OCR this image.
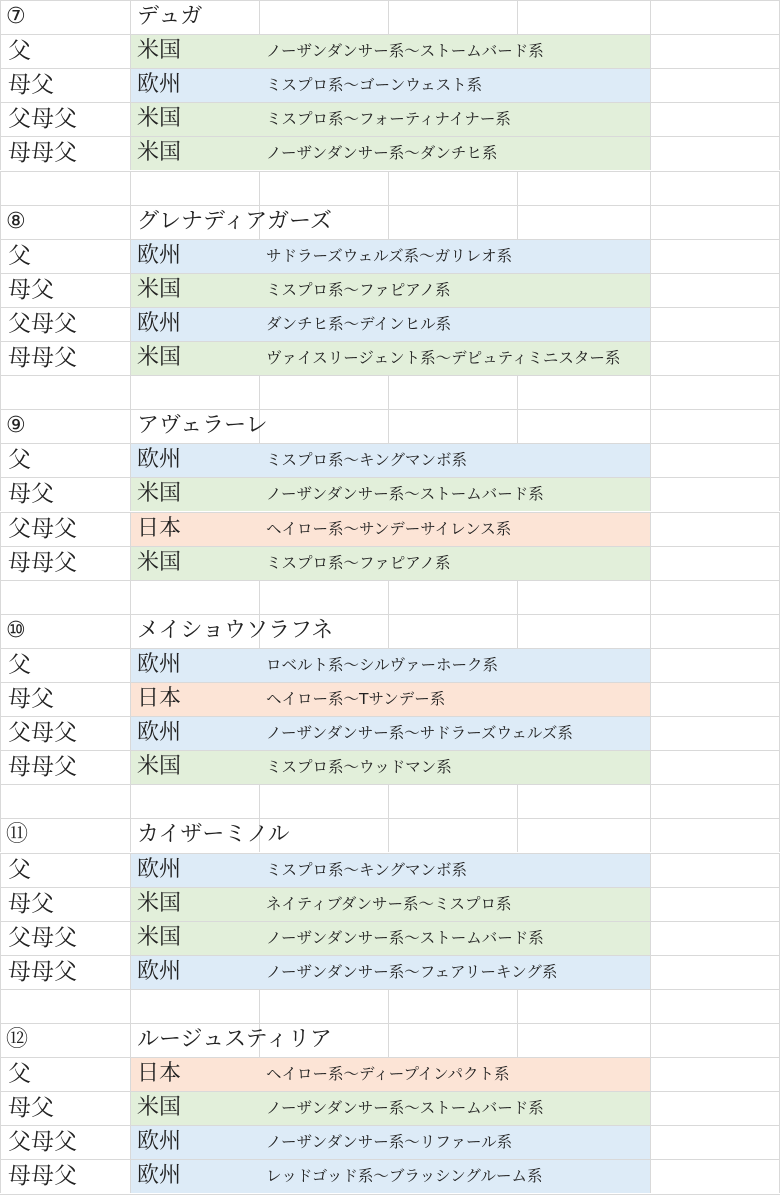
⑦	デュガ
父	米国	ノーザンダンサー系～ストームバード系
母父	欧州	ミスプロ系～ゴーンウェスト系
父母父	米国	ミスプロ系～フォーティナイナー系
母母父	米国	ノーザンダンサー系～ダンチヒ系
⑧	グレナディアガーズ
父	欧州	サドラーズウェルズ系～ガリレオ系
母父	米国	ミスプロ系～ファピアノ系
父母父	欧州	ダンチヒ系～デインヒル系
母母父	米国	ヴァイスリージェント系～デピュティミニスター系
⑨	アヴェラーレ
父	欧州	ミスプロ系～キングマンボ系
母父	米国	ノーザンダンサー系～ストームバード系
父母父	日本	ヘイロー系～サンデーサイレンス系
母母父	米国	ミスプロ系～ファピアノ系
⑩	メイショウソラフネ
父	欧州	ロベルト系～シルヴァーホーク系
母父	日本	ヘイロー系～Tサンデー系
父母父	欧州	ノーザンダンサー系～サドラーズウェルズ系
母母父	米国	ミスプロ系～ウッドマン系
⑪	カイザーミノル
父	欧州	ミスプロ系～キングマンボ系
母父	米国	ネイティブダンサー系～ミスプロ系
父母父	米国	ノーザンダンサー系～ストームバード系
母母父	欧州	ノーザンダンサー系～フェアリーキング系
⑫	ルージュスティリア
父	日本	ヘイロー系～ディープインパクト系
母父	米国	ノーザンダンサー系～ストームバード系
父母父	欧州	ノーザンダンサー系～リファール系
母母父	欧州	レッドゴッド系～ブラッシングルーム系
